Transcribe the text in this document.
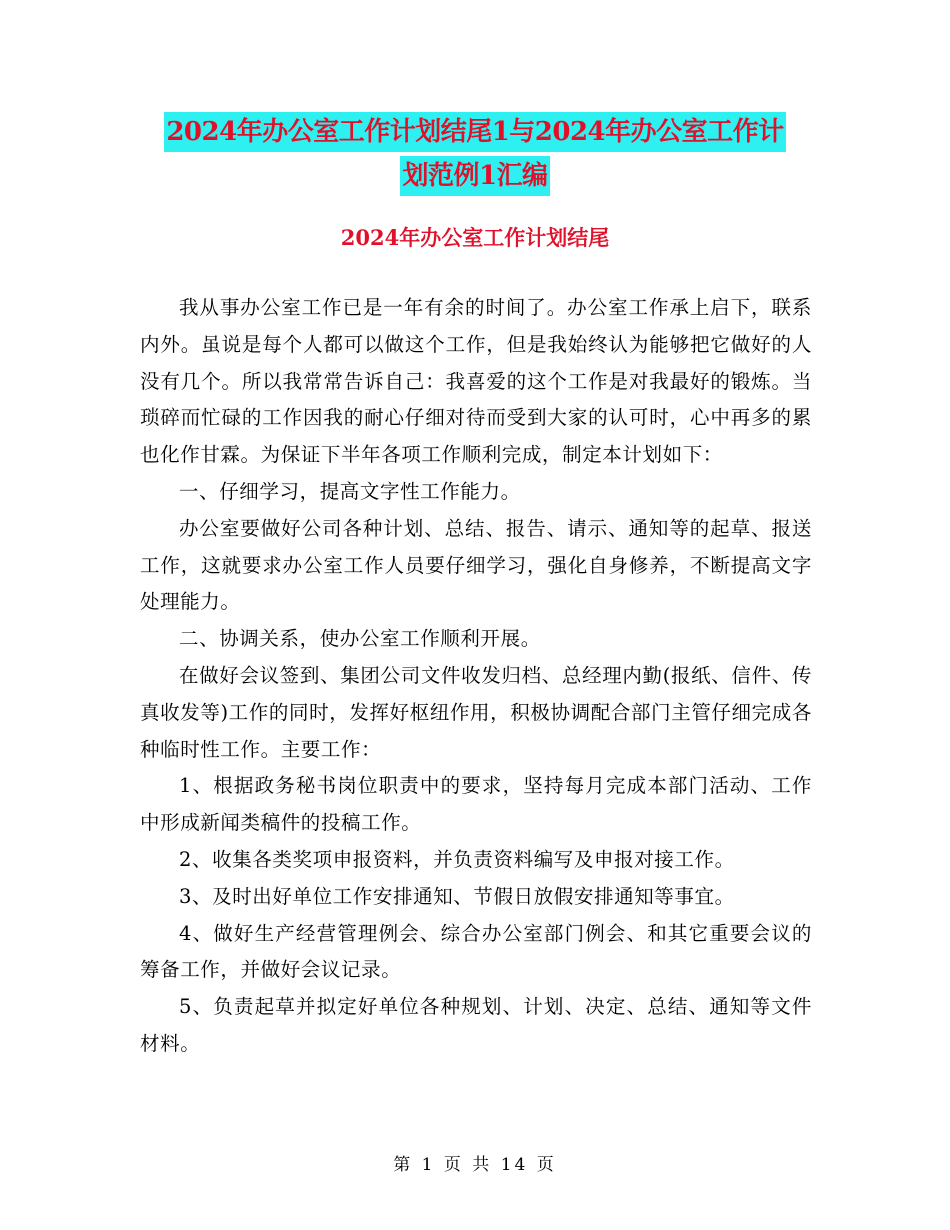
2024年办公室工作计划结尾1与2024年办公室工作计
划范例1汇编
2024年办公室工作计划结尾

我从事办公室工作已是一年有余的时间了。办公室工作承上启下，联系内外。虽说是每个人都可以做这个工作，但是我始终认为能够把它做好的人没有几个。所以我常常告诉自己：我喜爱的这个工作是对我最好的锻炼。当琐碎而忙碌的工作因我的耐心仔细对待而受到大家的认可时，心中再多的累也化作甘霖。为保证下半年各项工作顺利完成，制定本计划如下：

一、仔细学习，提高文字性工作能力。

办公室要做好公司各种计划、总结、报告、请示、通知等的起草、报送工作，这就要求办公室工作人员要仔细学习，强化自身修养，不断提高文字处理能力。

二、协调关系，使办公室工作顺利开展。

在做好会议签到、集团公司文件收发归档、总经理内勤(报纸、信件、传真收发等)工作的同时，发挥好枢纽作用，积极协调配合部门主管仔细完成各种临时性工作。主要工作：

1、根据政务秘书岗位职责中的要求，坚持每月完成本部门活动、工作中形成新闻类稿件的投稿工作。

2、收集各类奖项申报资料，并负责资料编写及申报对接工作。

3、及时出好单位工作安排通知、节假日放假安排通知等事宜。

4、做好生产经营管理例会、综合办公室部门例会、和其它重要会议的筹备工作，并做好会议记录。

5、负责起草并拟定好单位各种规划、计划、决定、总结、通知等文件材料。

第 1 页 共 14 页
